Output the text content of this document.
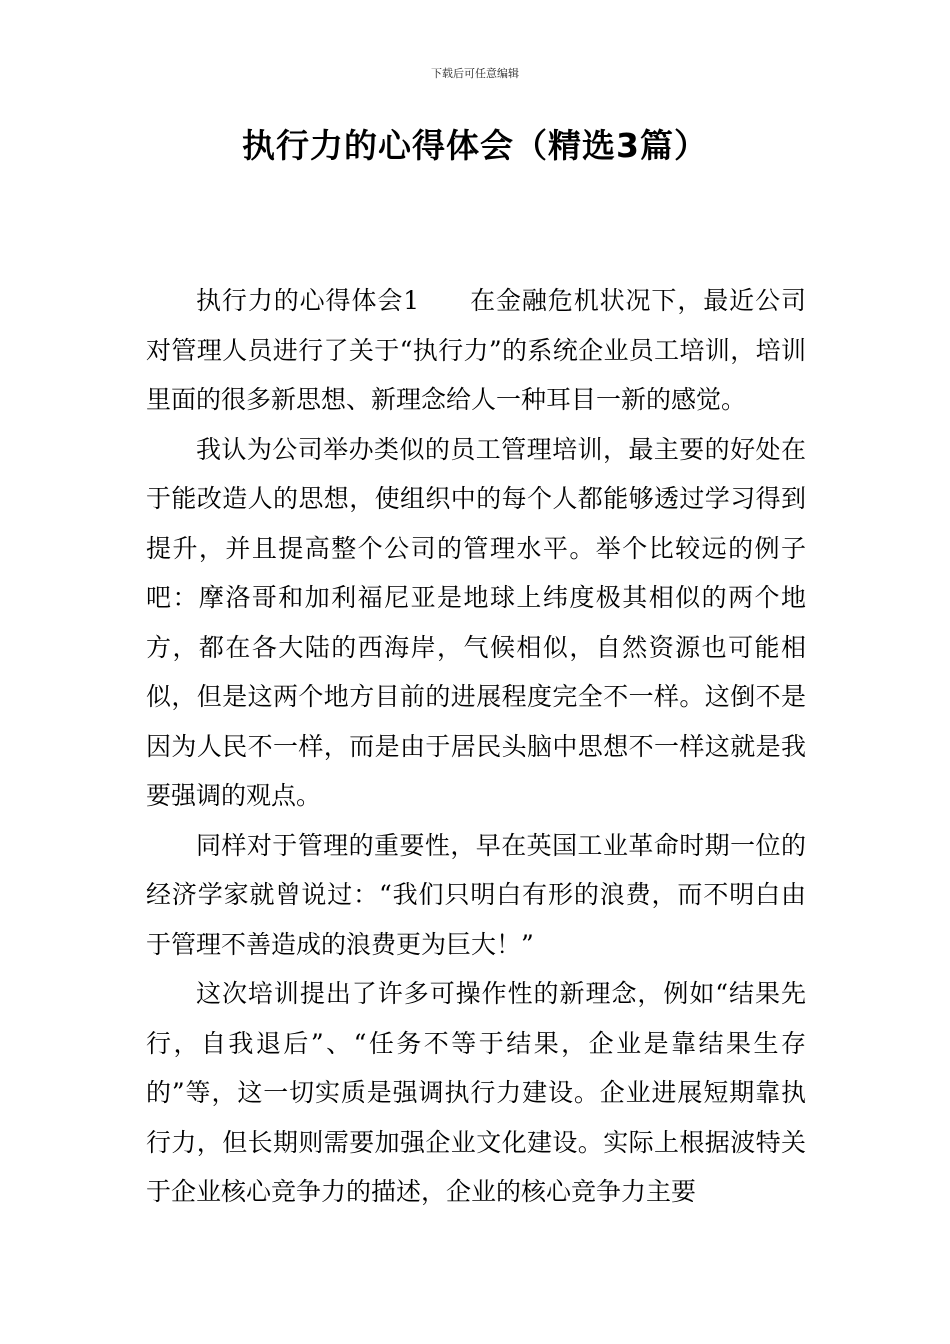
下载后可任意编辑
执行力的心得体会（精选3篇）

执行力的心得体会1 在金融危机状况下，最近公司对管理人员进行了关于“执行力”的系统企业员工培训，培训里面的很多新思想、新理念给人一种耳目一新的感觉。

我认为公司举办类似的员工管理培训，最主要的好处在于能改造人的思想，使组织中的每个人都能够透过学习得到提升，并且提高整个公司的管理水平。举个比较远的例子吧：摩洛哥和加利福尼亚是地球上纬度极其相似的两个地方，都在各大陆的西海岸，气候相似，自然资源也可能相似，但是这两个地方目前的进展程度完全不一样。这倒不是因为人民不一样，而是由于居民头脑中思想不一样这就是我要强调的观点。

同样对于管理的重要性，早在英国工业革命时期一位的经济学家就曾说过：“我们只明白有形的浪费，而不明白由于管理不善造成的浪费更为巨大！”

这次培训提出了许多可操作性的新理念，例如“结果先行，自我退后”、“任务不等于结果，企业是靠结果生存的”等，这一切实质是强调执行力建设。企业进展短期靠执行力，但长期则需要加强企业文化建设。实际上根据波特关于企业核心竞争力的描述，企业的核心竞争力主要
